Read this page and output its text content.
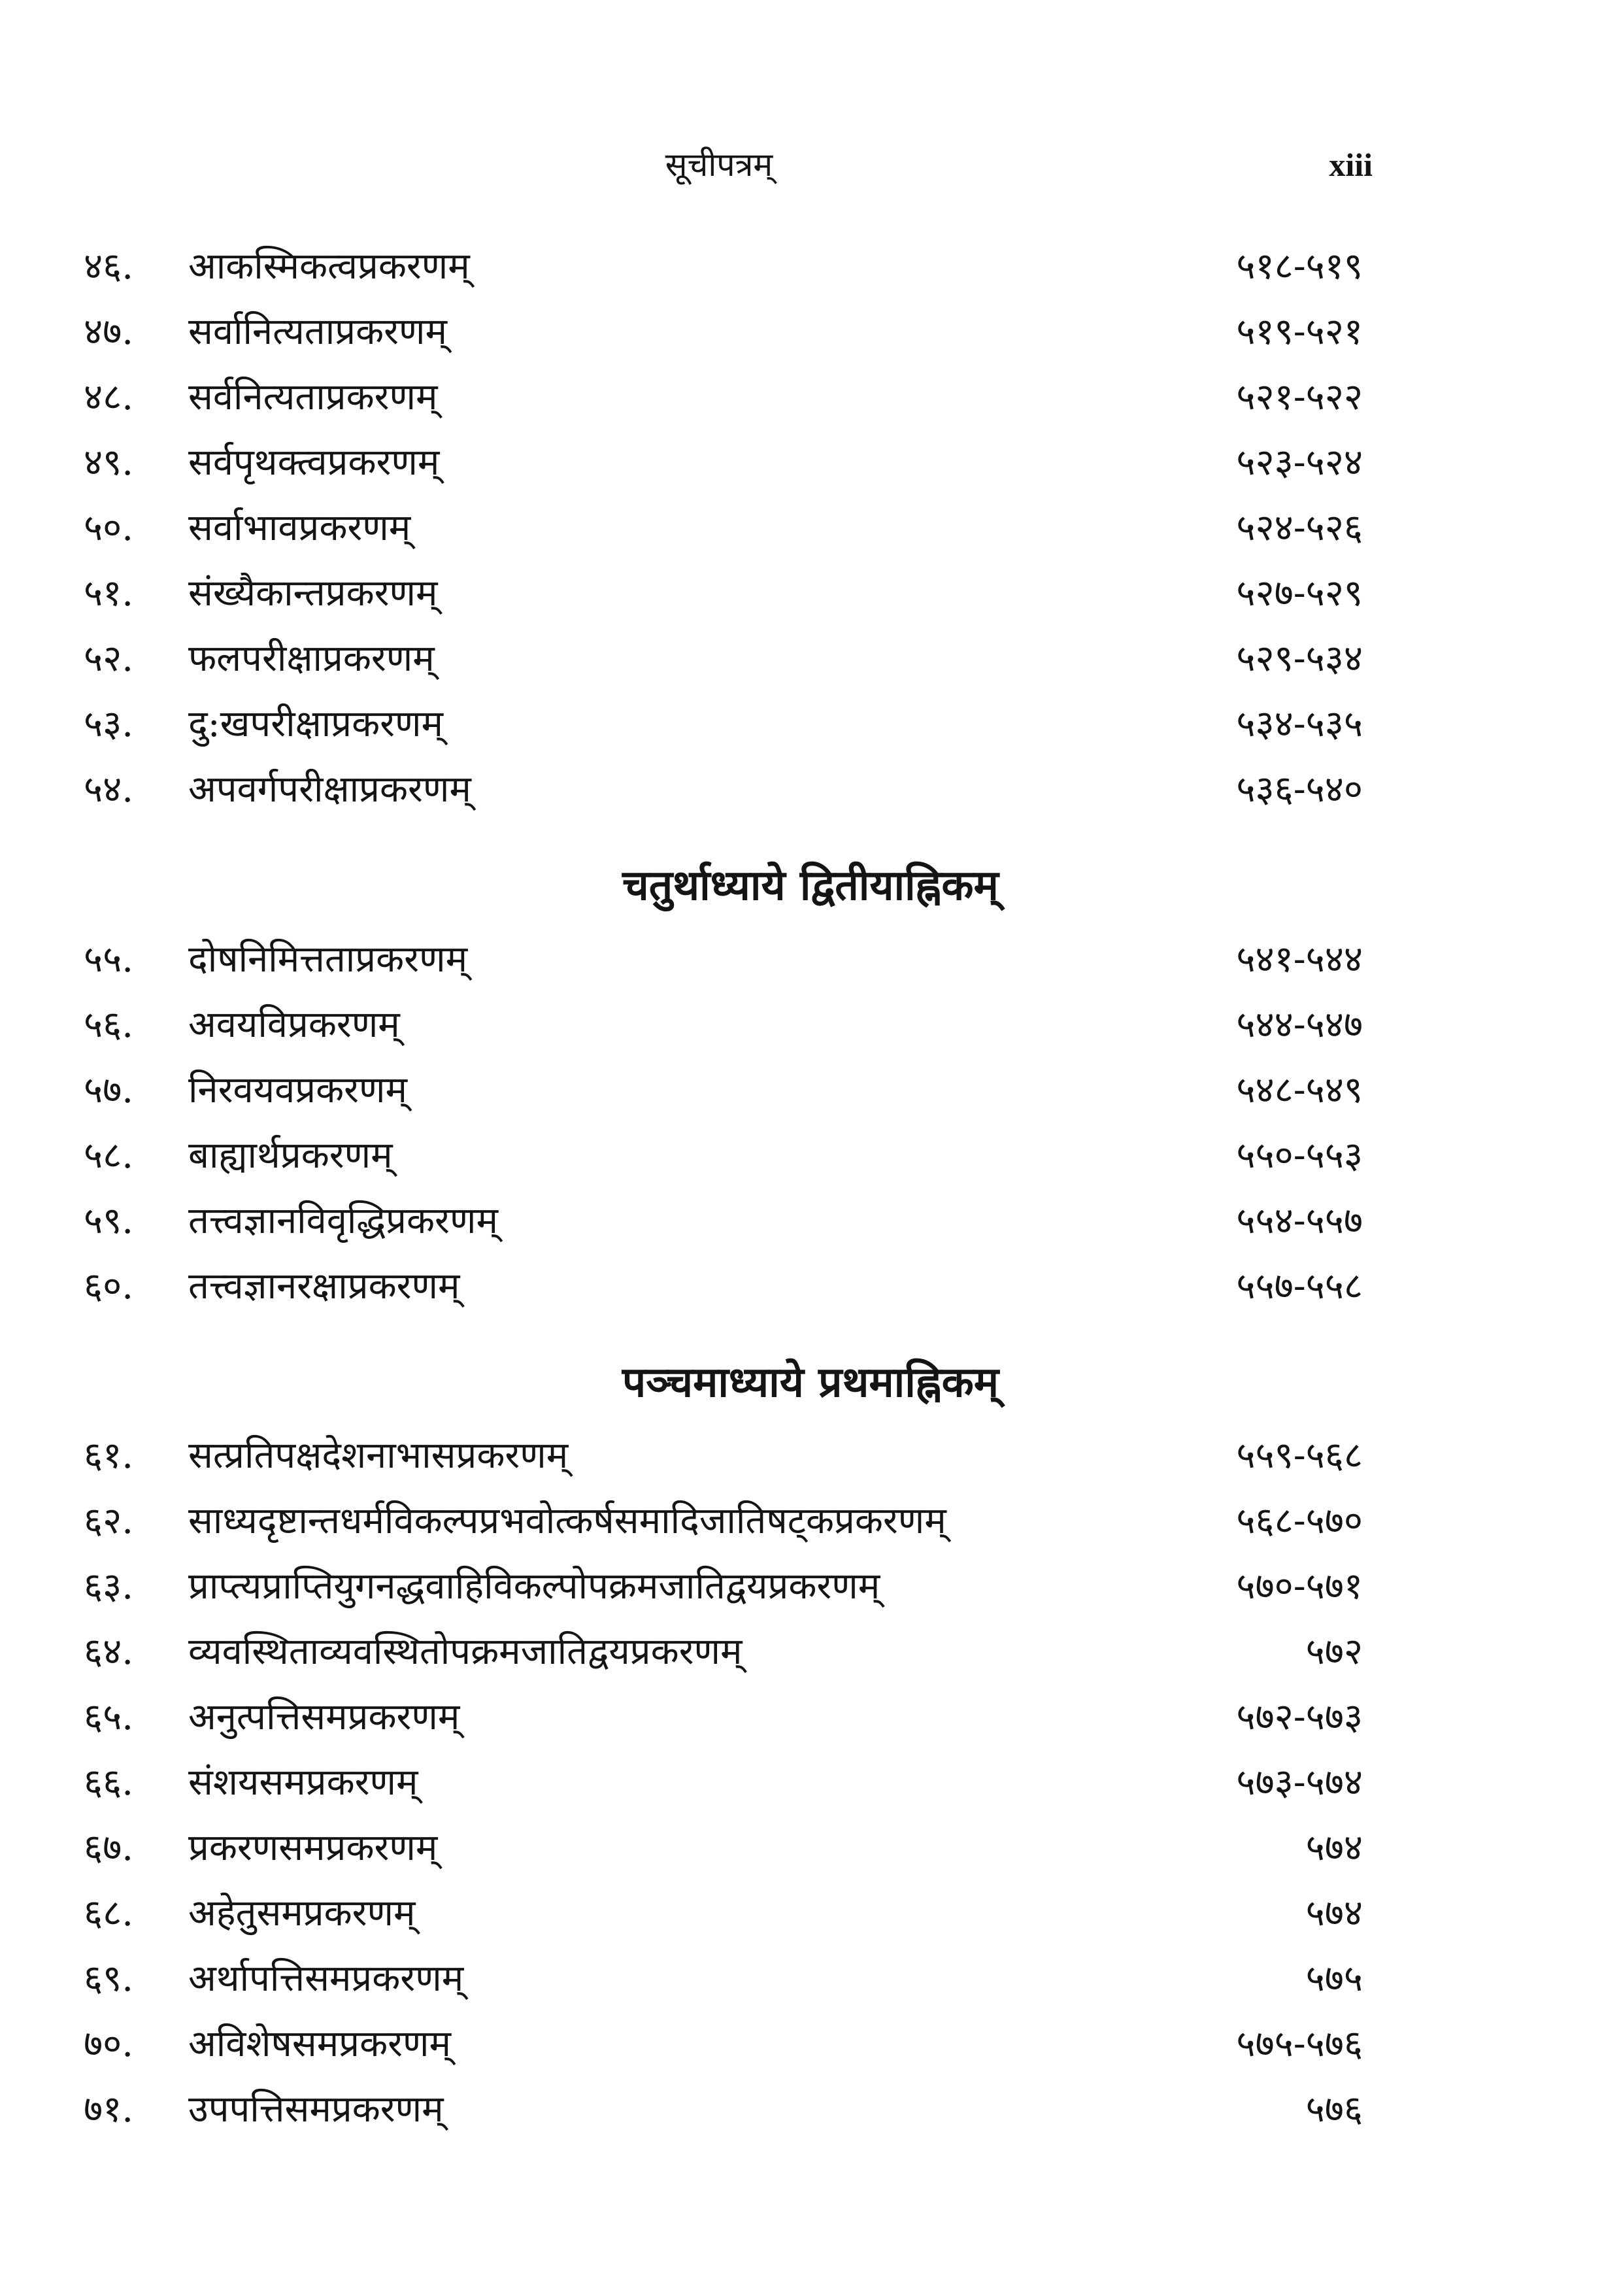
सूचीपत्रम्	xiii
४६.	आकस्मिकत्वप्रकरणम्	५१८-५१९
४७.	सर्वानित्यताप्रकरणम्	५१९-५२१
४८.	सर्वनित्यताप्रकरणम्	५२१-५२२
४९.	सर्वपृथक्त्वप्रकरणम्	५२३-५२४
५०.	सर्वाभावप्रकरणम्	५२४-५२६
५१.	संख्यैकान्तप्रकरणम्	५२७-५२९
५२.	फलपरीक्षाप्रकरणम्	५२९-५३४
५३.	दु:खपरीक्षाप्रकरणम्	५३४-५३५
५४.	अपवर्गपरीक्षाप्रकरणम्	५३६-५४०
चतुर्थाध्याये द्वितीयाह्निकम्
५५.	दोषनिमित्तताप्रकरणम्	५४१-५४४
५६.	अवयविप्रकरणम्	५४४-५४७
५७.	निरवयवप्रकरणम्	५४८-५४९
५८.	बाह्यार्थप्रकरणम्	५५०-५५३
५९.	तत्त्वज्ञानविवृद्धिप्रकरणम्	५५४-५५७
६०.	तत्त्वज्ञानरक्षाप्रकरणम्	५५७-५५८
पञ्चमाध्याये प्रथमाह्निकम्
६१.	सत्प्रतिपक्षदेशनाभासप्रकरणम्	५५९-५६८
६२.	साध्यदृष्टान्तधर्मविकल्पप्रभवोत्कर्षसमादिजातिषट्कप्रकरणम्	५६८-५७०
६३.	प्राप्त्यप्राप्तियुगनद्धवाहिविकल्पोपक्रमजातिद्वयप्रकरणम्	५७०-५७१
६४.	व्यवस्थिताव्यवस्थितोपक्रमजातिद्वयप्रकरणम्	५७२
६५.	अनुत्पत्तिसमप्रकरणम्	५७२-५७३
६६.	संशयसमप्रकरणम्	५७३-५७४
६७.	प्रकरणसमप्रकरणम्	५७४
६८.	अहेतुसमप्रकरणम्	५७४
६९.	अर्थापत्तिसमप्रकरणम्	५७५
७०.	अविशेषसमप्रकरणम्	५७५-५७६
७१.	उपपत्तिसमप्रकरणम्	५७६
